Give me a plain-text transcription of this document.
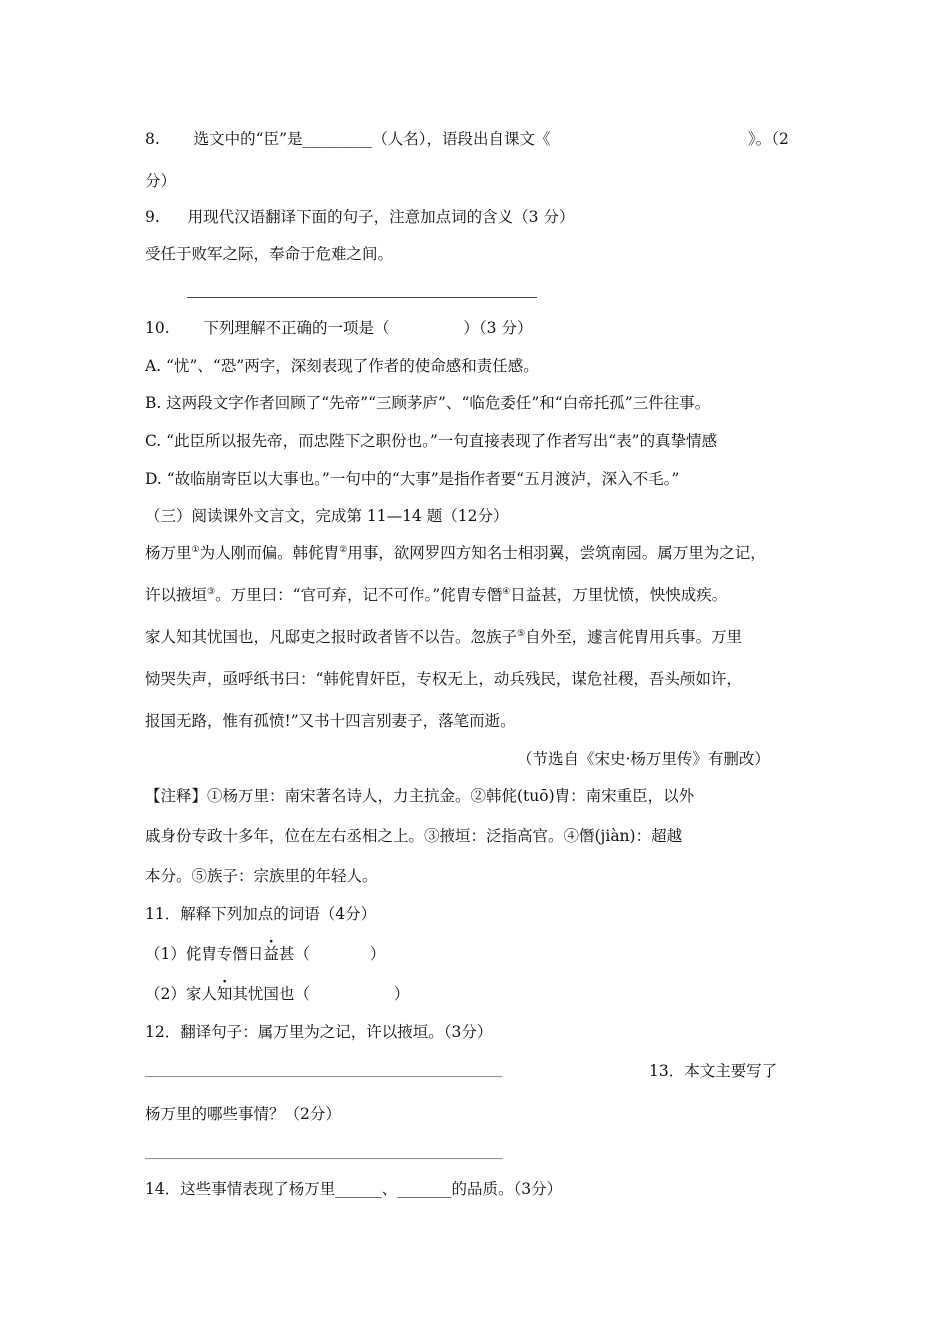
8. 选文中的“臣”是_________（人名），语段出自课文《	》。（2
分）
9. 用现代汉语翻译下面的句子，注意加点词的含义（3 分）
受任于败军之际，奉命于危难之间。
10. 下列理解不正确的一项是（	）（3 分）
A. “忧”、“恐”两字，深刻表现了作者的使命感和责任感。
B. 这两段文字作者回顾了“先帝”“三顾茅庐”、“临危委任”和“白帝托孤”三件往事。
C. “此臣所以报先帝，而忠陛下之职份也。”一句直接表现了作者写出“表”的真挚情感
D. “故临崩寄臣以大事也。”一句中的“大事”是指作者要“五月渡泸，深入不毛。”
（三）阅读课外文言文，完成第 11—14 题（12分）
杨万里①为人刚而偏。韩侂胄②用事，欲网罗四方知名士相羽翼，尝筑南园。属万里为之记，
许以掖垣③。万里曰：“官可弃，记不可作。”侂胄专僭④日益甚，万里忧愤，怏怏成疾。
家人知其忧国也，凡邸吏之报时政者皆不以告。忽族子⑤自外至，遽言侂胄用兵事。万里
恸哭失声，亟呼纸书曰：“韩侂胄奸臣，专权无上，动兵残民，谋危社稷，吾头颅如许，
报国无路，惟有孤愤!”又书十四言别妻子，落笔而逝。
（节选自《宋史·杨万里传》有删改）
【注释】①杨万里：南宋著名诗人，力主抗金。②韩侂(tuō)胄：南宋重臣，以外
戚身份专政十多年，位在左右丞相之上。③掖垣：泛指高官。④僭(jiàn)：超越
本分。⑤族子：宗族里的年轻人。
11．解释下列加点的词语（4分）
（1）侂胄专僭日益甚（	）
（2）家人知其忧国也（	）
12．翻译句子：属万里为之记，许以掖垣。（3分）
_______________________________________________________	13．本文主要写了
杨万里的哪些事情？（2分）
_______________________________________________________
14．这些事情表现了杨万里______、_______的品质。（3分）
